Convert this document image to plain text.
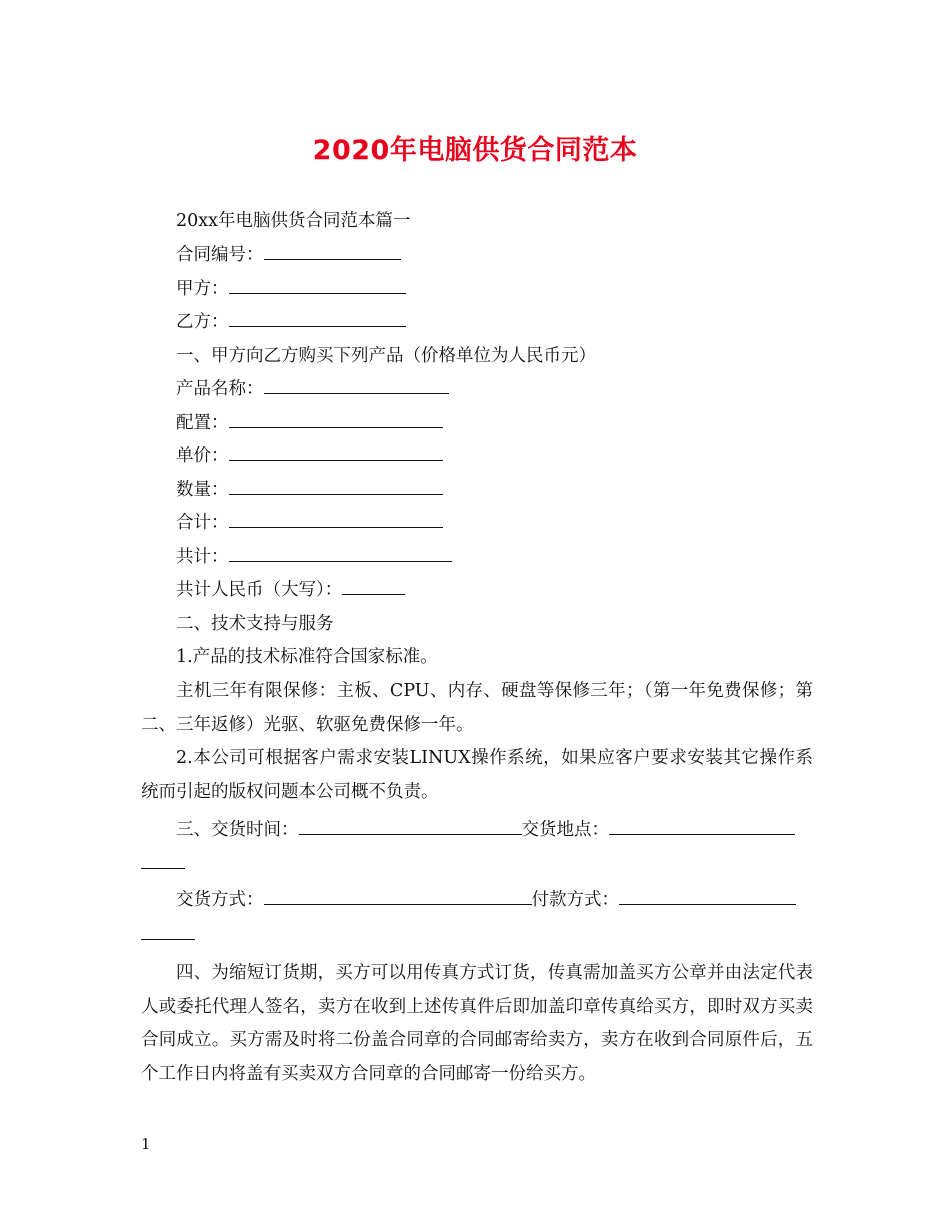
2020年电脑供货合同范本
20xx年电脑供货合同范本篇一
合同编号：
甲方：
乙方：
一、甲方向乙方购买下列产品（价格单位为人民币元）
产品名称：
配置：
单价：
数量：
合计：
共计：
共计人民币（大写）：
二、技术支持与服务
1.产品的技术标准符合国家标准。
主机三年有限保修：主板、CPU、内存、硬盘等保修三年；（第一年免费保修；第二、三年返修）光驱、软驱免费保修一年。
2.本公司可根据客户需求安装LINUX操作系统，如果应客户要求安装其它操作系统而引起的版权问题本公司概不负责。
三、交货时间：	交货地点：
交货方式：	付款方式：
四、为缩短订货期，买方可以用传真方式订货，传真需加盖买方公章并由法定代表人或委托代理人签名，卖方在收到上述传真件后即加盖印章传真给买方，即时双方买卖合同成立。买方需及时将二份盖合同章的合同邮寄给卖方，卖方在收到合同原件后，五个工作日内将盖有买卖双方合同章的合同邮寄一份给买方。
1
